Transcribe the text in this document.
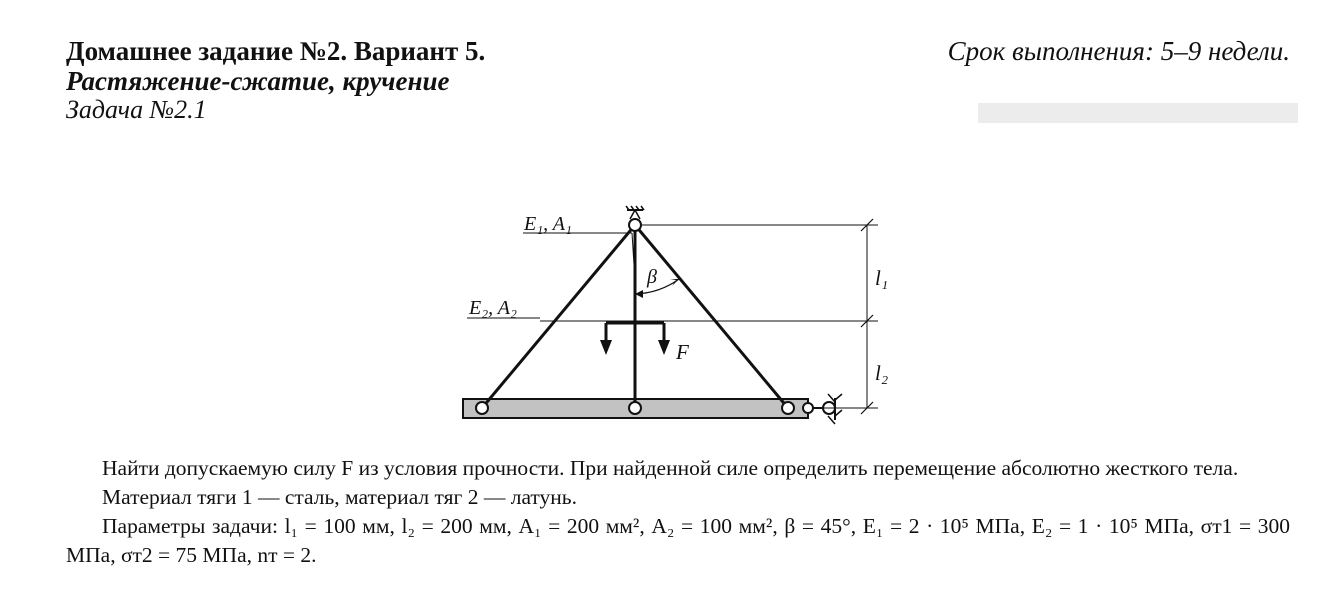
Домашнее задание №2. Вариант 5.
Растяжение-сжатие, кручение
Задача №2.1
Срок выполнения: 5–9 недели.
E₁, A₁
E₂, A₂
β
F
l₁
l₂

Найти допускаемую силу F из условия прочности. При найденной силе определить перемещение абсолютно жесткого тела.

Материал тяги 1 — сталь, материал тяг 2 — латунь.

Параметры задачи: l₁ = 100 мм, l₂ = 200 мм, A₁ = 200 мм², A₂ = 100 мм², β = 45°, E₁ = 2 · 10⁵ МПа, E₂ = 1 · 10⁵ МПа, σт1 = 300 МПа, σт2 = 75 МПа, nт = 2.
